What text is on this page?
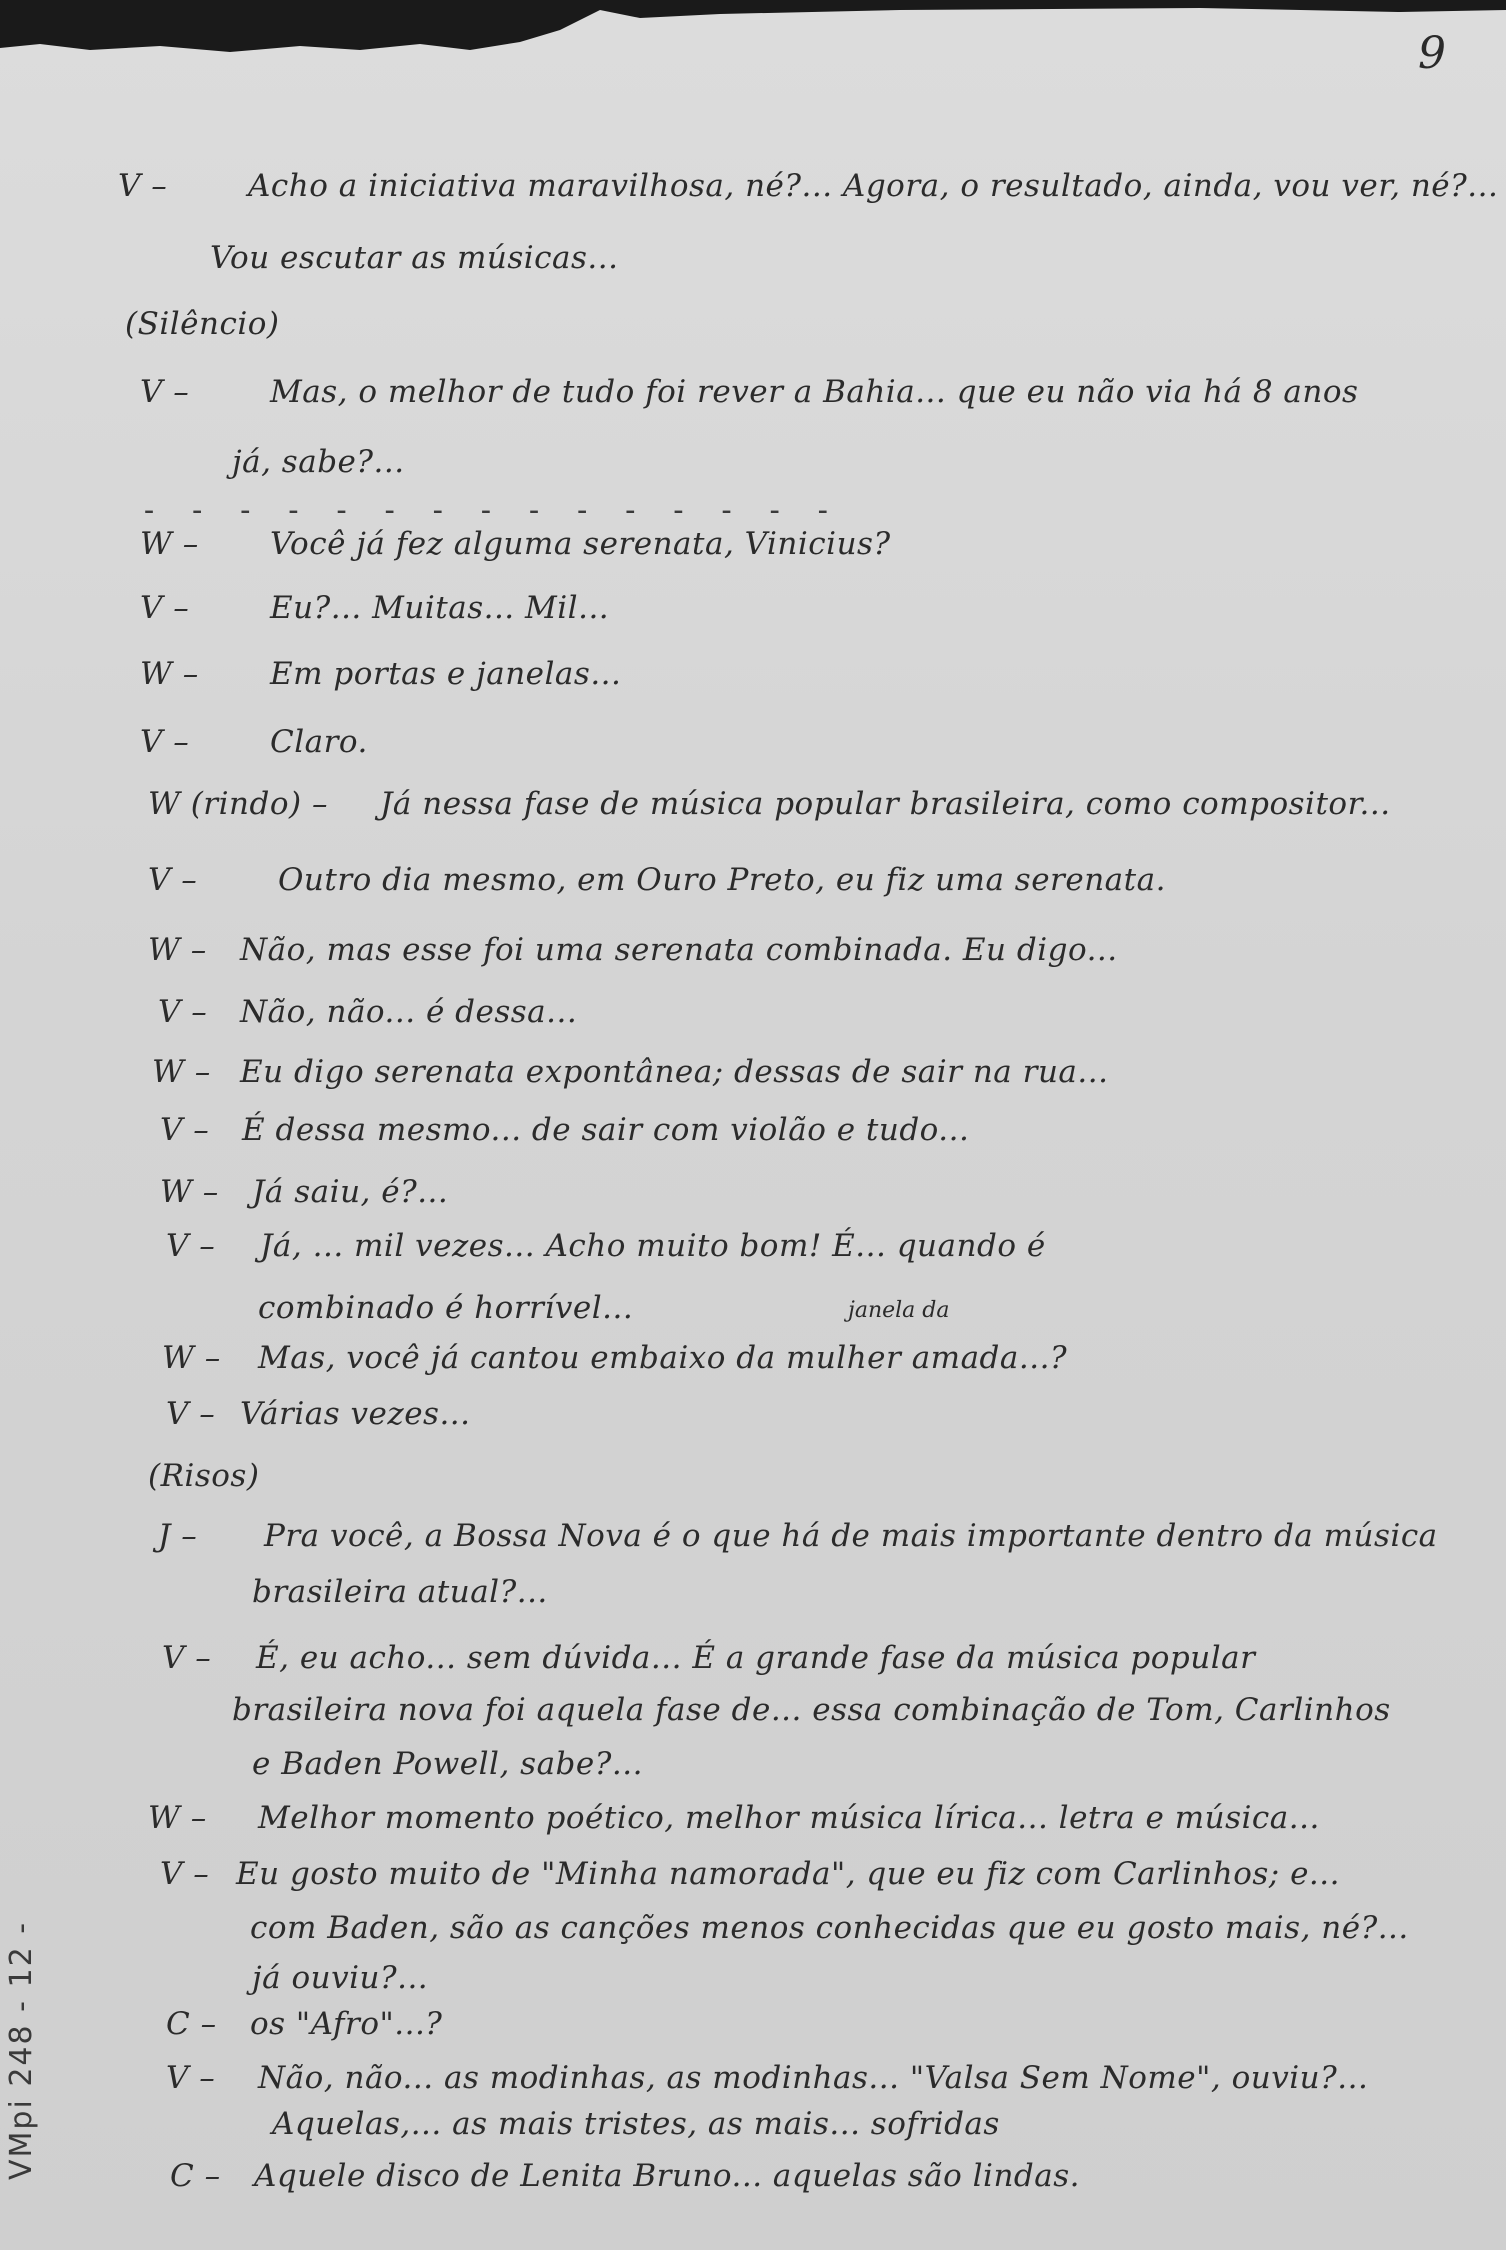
9
V –	Acho a iniciativa maravilhosa, né?... Agora, o resultado, ainda, vou ver, né?...
Vou escutar as músicas...
(Silêncio)
V –	Mas, o melhor de tudo foi rever a Bahia... que eu não via há 8 anos
já, sabe?...
- - - - - - - - - - - - - - -
W – Você já fez alguma serenata, Vinicius?
V –	Eu?... Muitas... Mil...
W – Em portas e janelas...
V –	Claro.
W (rindo) – Já nessa fase de música popular brasileira, como compositor...
V –	Outro dia mesmo, em Ouro Preto, eu fiz uma serenata.
W – Não, mas esse foi uma serenata combinada. Eu digo...
V – Não, não... é dessa...
W – Eu digo serenata expontânea; dessas de sair na rua...
V – É dessa mesmo... de sair com violão e tudo...
W – Já saiu, é?...
V – Já, ... mil vezes... Acho muito bom! É... quando é
combinado é horrível...	janela da
W – Mas, você já cantou embaixo da mulher amada...?
V – Várias vezes...
(Risos)
J – Pra você, a Bossa Nova é o que há de mais importante dentro da música
brasileira atual?...
V – É, eu acho... sem dúvida... É a grande fase da música popular
brasileira nova foi aquela fase de... essa combinação de Tom, Carlinhos
e Baden Powell, sabe?...
W – Melhor momento poético, melhor música lírica... letra e música...
V – Eu gosto muito de "Minha namorada", que eu fiz com Carlinhos; e...
com Baden, são as canções menos conhecidas que eu gosto mais, né?...
já ouviu?...
C – os "Afro"...?
V – Não, não... as modinhas, as modinhas... "Valsa Sem Nome", ouviu?...
Aquelas,... as mais tristes, as mais... sofridas
C – Aquele disco de Lenita Bruno... aquelas são lindas.
VMpi 248 - 12 -
